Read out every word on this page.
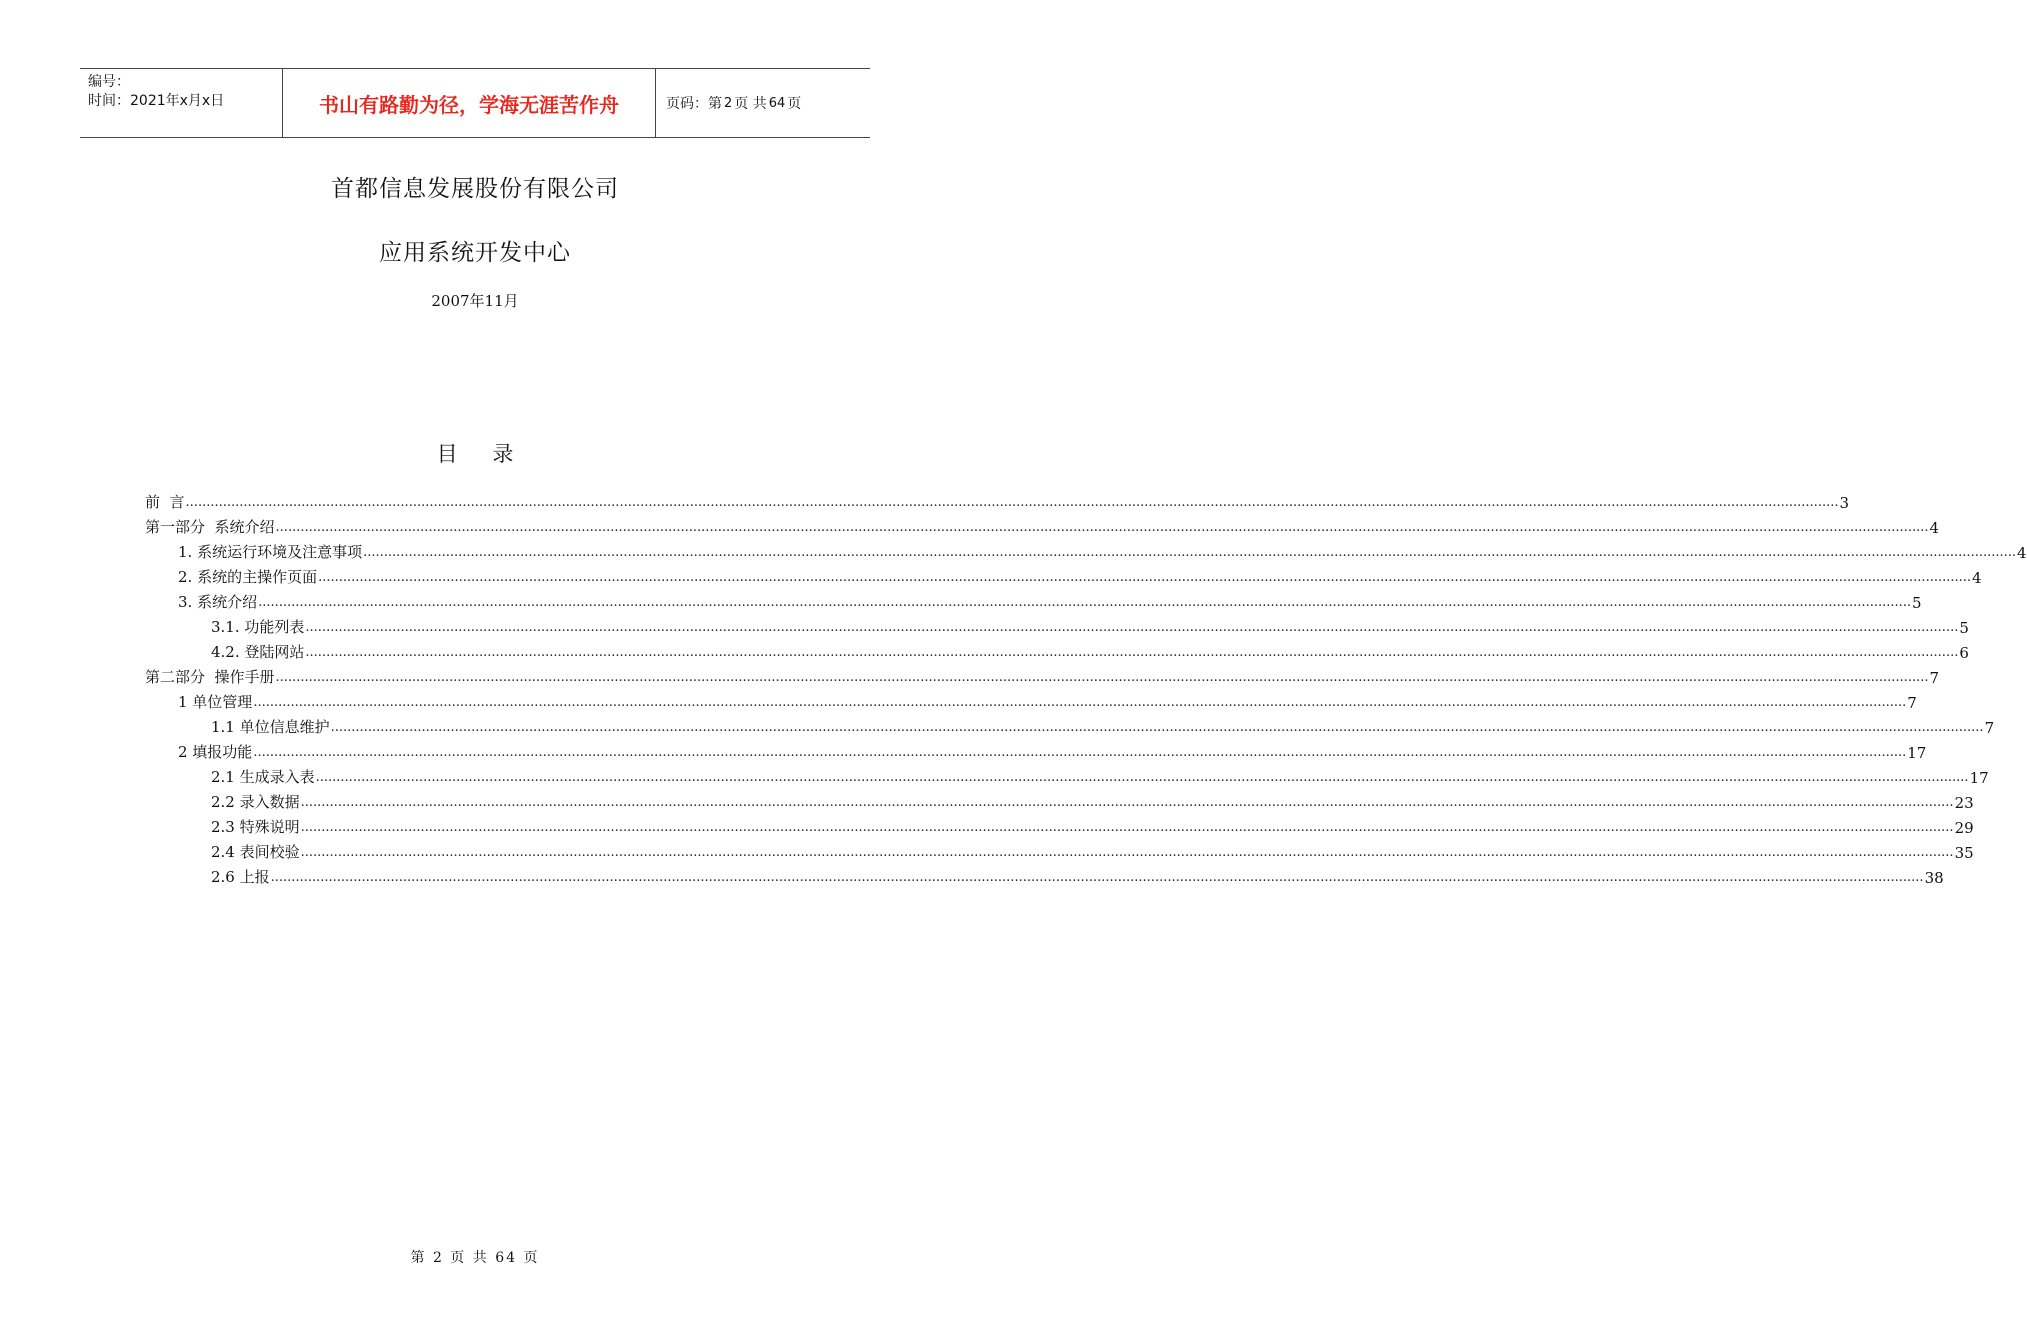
编号：
时间：2021年x月x日	书山有路勤为径，学海无涯苦作舟	页码：第 2 页 共 64 页
首都信息发展股份有限公司
应用系统开发中心
2007年11月
目 录
前  言 ................................................................................................................................................................................................................................................................................................................................................................................................................ 3
第一部分  系统介绍 ................................................................................................................................................................................................................................................................................................................................................................................................................ 4
1. 系统运行环境及注意事项 ................................................................................................................................................................................................................................................................................................................................................................................................................ 4
2. 系统的主操作页面 ................................................................................................................................................................................................................................................................................................................................................................................................................ 4
3. 系统介绍 ................................................................................................................................................................................................................................................................................................................................................................................................................ 5
3.1. 功能列表 ................................................................................................................................................................................................................................................................................................................................................................................................................ 5
4.2. 登陆网站 ................................................................................................................................................................................................................................................................................................................................................................................................................ 6
第二部分  操作手册 ................................................................................................................................................................................................................................................................................................................................................................................................................ 7
1 单位管理 ................................................................................................................................................................................................................................................................................................................................................................................................................ 7
1.1 单位信息维护 ................................................................................................................................................................................................................................................................................................................................................................................................................ 7
2 填报功能 ................................................................................................................................................................................................................................................................................................................................................................................................................ 17
2.1 生成录入表 ................................................................................................................................................................................................................................................................................................................................................................................................................ 17
2.2 录入数据 ................................................................................................................................................................................................................................................................................................................................................................................................................ 23
2.3 特殊说明 ................................................................................................................................................................................................................................................................................................................................................................................................................ 29
2.4 表间校验 ................................................................................................................................................................................................................................................................................................................................................................................................................ 35
2.6 上报 ................................................................................................................................................................................................................................................................................................................................................................................................................ 38
第 2 页 共 64 页
